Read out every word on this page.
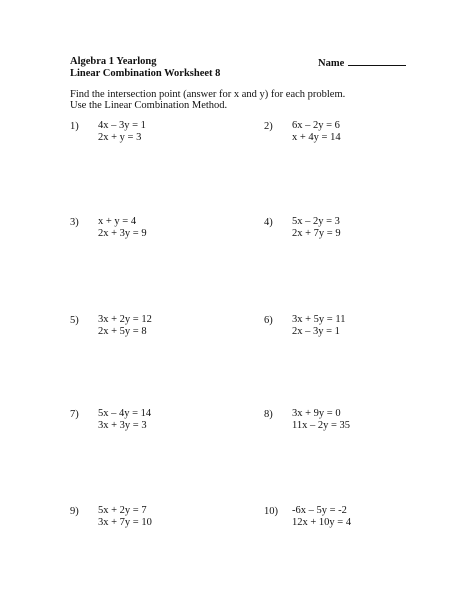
Algebra 1 Yearlong
Linear Combination Worksheet 8
Name
Find the intersection point (answer for x and y) for each problem.
Use the Linear Combination Method.
1) 4x – 3y = 1
2x + y = 3
2) 6x – 2y = 6
x + 4y = 14
3) x + y = 4
2x + 3y = 9
4) 5x – 2y = 3
2x + 7y = 9
5) 3x + 2y = 12
2x + 5y = 8
6) 3x + 5y = 11
2x – 3y = 1
7) 5x – 4y = 14
3x + 3y = 3
8) 3x + 9y = 0
11x – 2y = 35
9) 5x + 2y = 7
3x + 7y = 10
10) -6x – 5y = -2
12x + 10y = 4
